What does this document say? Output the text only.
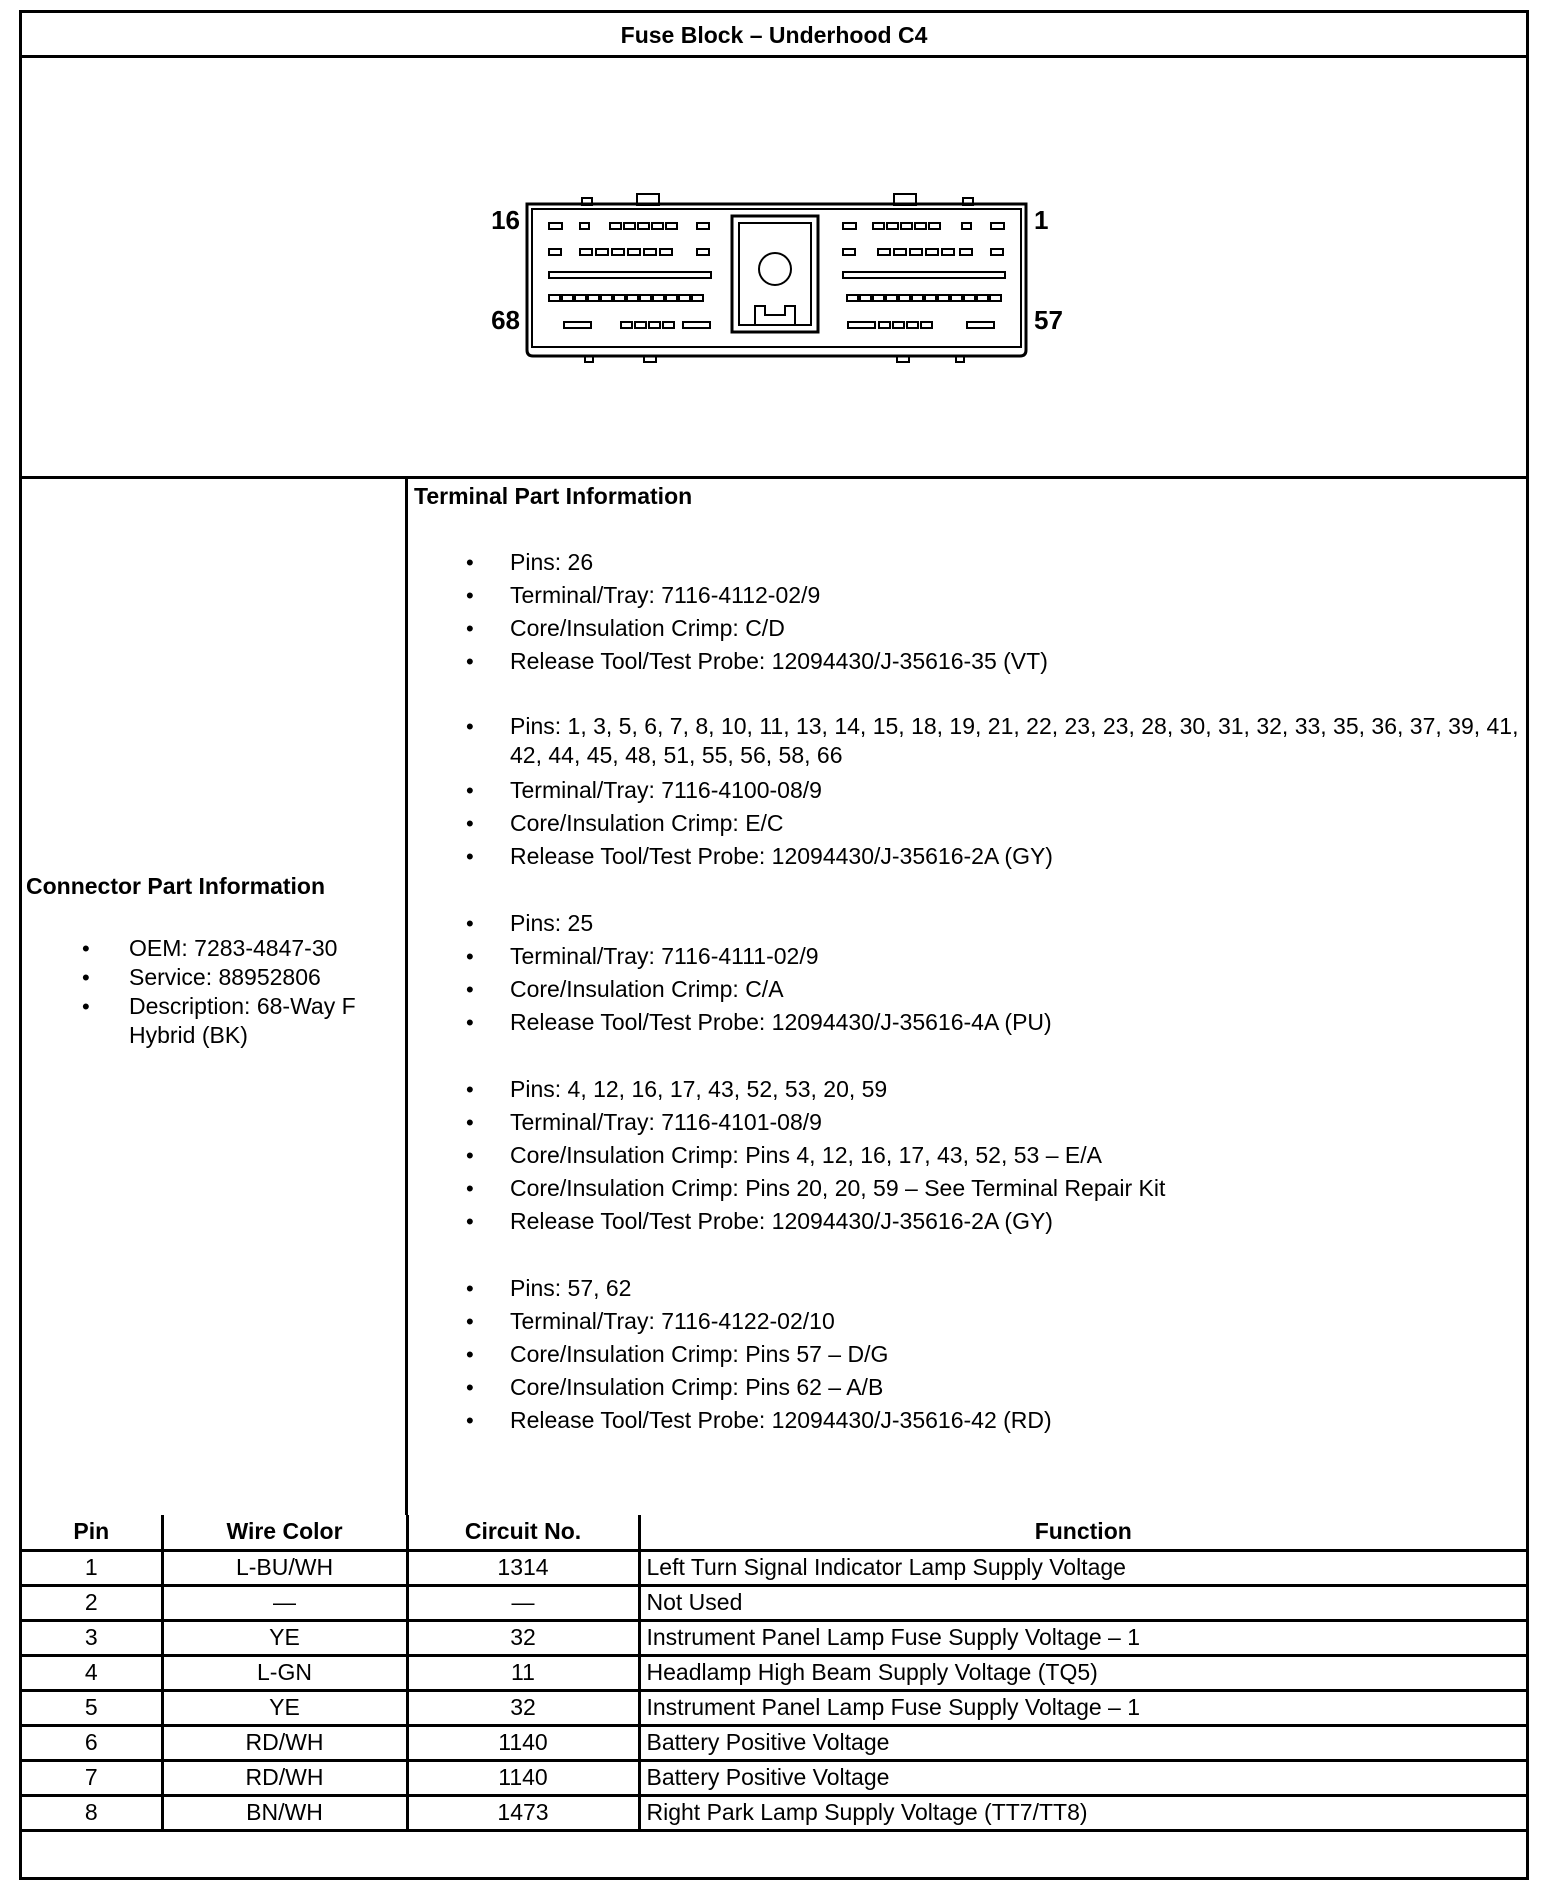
Fuse Block – Underhood C4
16	1
68	57
Connector Part Information
• OEM: 7283-4847-30
• Service: 88952806
• Description: 68-Way F Hybrid (BK)
Terminal Part Information
• Pins: 26
• Terminal/Tray: 7116-4112-02/9
• Core/Insulation Crimp: C/D
• Release Tool/Test Probe: 12094430/J-35616-35 (VT)
• Pins: 1, 3, 5, 6, 7, 8, 10, 11, 13, 14, 15, 18, 19, 21, 22, 23, 23, 28, 30, 31, 32, 33, 35, 36, 37, 39, 41, 42, 44, 45, 48, 51, 55, 56, 58, 66
• Terminal/Tray: 7116-4100-08/9
• Core/Insulation Crimp: E/C
• Release Tool/Test Probe: 12094430/J-35616-2A (GY)
• Pins: 25
• Terminal/Tray: 7116-4111-02/9
• Core/Insulation Crimp: C/A
• Release Tool/Test Probe: 12094430/J-35616-4A (PU)
• Pins: 4, 12, 16, 17, 43, 52, 53, 20, 59
• Terminal/Tray: 7116-4101-08/9
• Core/Insulation Crimp: Pins 4, 12, 16, 17, 43, 52, 53 – E/A
• Core/Insulation Crimp: Pins 20, 20, 59 – See Terminal Repair Kit
• Release Tool/Test Probe: 12094430/J-35616-2A (GY)
• Pins: 57, 62
• Terminal/Tray: 7116-4122-02/10
• Core/Insulation Crimp: Pins 57 – D/G
• Core/Insulation Crimp: Pins 62 – A/B
• Release Tool/Test Probe: 12094430/J-35616-42 (RD)
Pin	Wire Color	Circuit No.	Function
1	L-BU/WH	1314	Left Turn Signal Indicator Lamp Supply Voltage
2	—	—	Not Used
3	YE	32	Instrument Panel Lamp Fuse Supply Voltage – 1
4	L-GN	11	Headlamp High Beam Supply Voltage (TQ5)
5	YE	32	Instrument Panel Lamp Fuse Supply Voltage – 1
6	RD/WH	1140	Battery Positive Voltage
7	RD/WH	1140	Battery Positive Voltage
8	BN/WH	1473	Right Park Lamp Supply Voltage (TT7/TT8)
